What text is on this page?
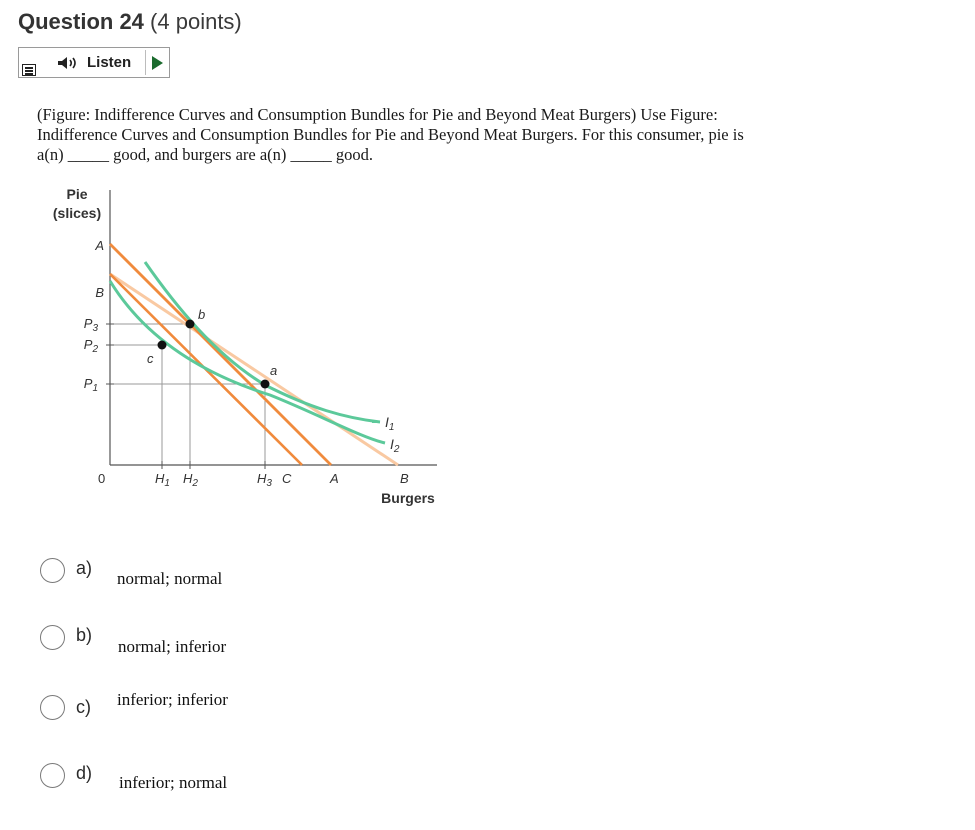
Question 24 (4 points)
Listen
(Figure: Indifference Curves and Consumption Bundles for Pie and Beyond Meat Burgers) Use Figure:
Indifference Curves and Consumption Bundles for Pie and Beyond Meat Burgers. For this consumer, pie is
a(n) _____ good, and burgers are a(n) _____ good.
Pie
(slices)
Burgers
b
c
a
A
B
$P_3$
$P_2$
$P_1$
0	$H_1$ $H_2$	$H_3$ C	A	B
$I_1$
$I_2$
a)
normal; normal
b)
normal; inferior
c) inferior; inferior
d) inferior; normal
